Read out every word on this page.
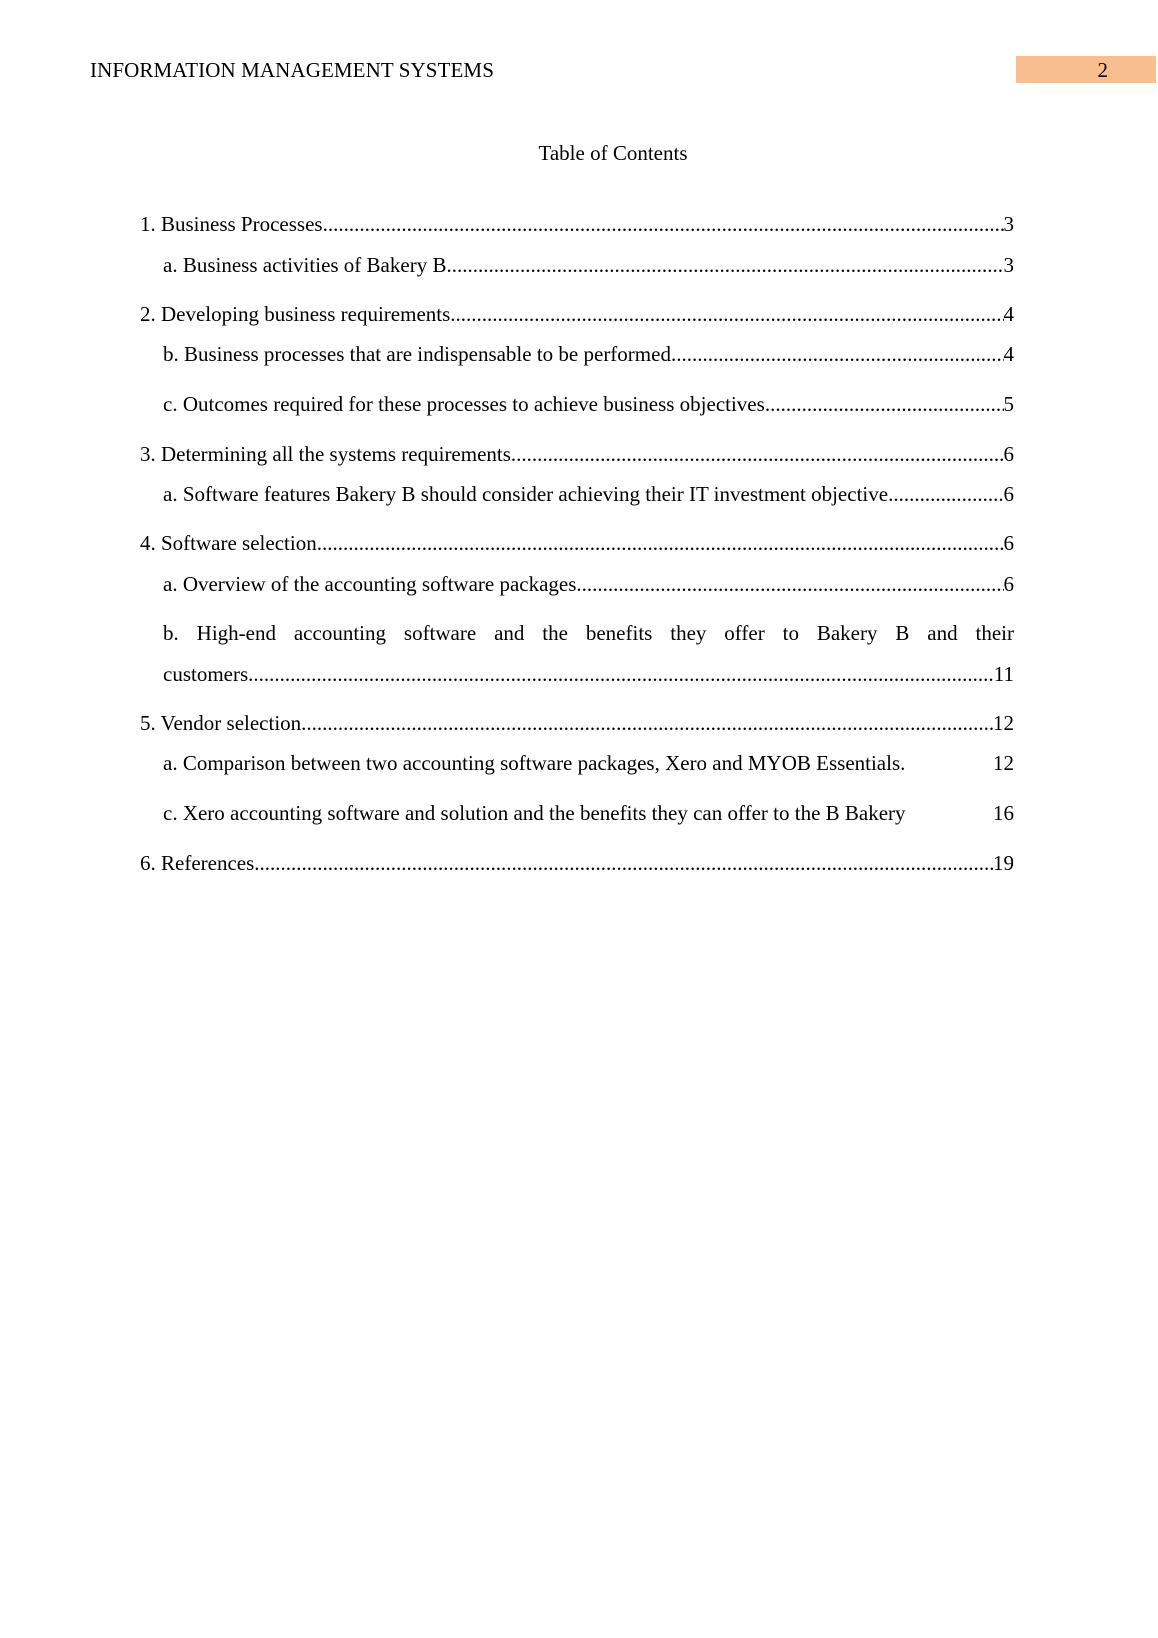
INFORMATION MANAGEMENT SYSTEMS	2
Table of Contents
1. Business Processes .....	3
a. Business activities of Bakery B .....	3
2. Developing business requirements .....	4
b. Business processes that are indispensable to be performed .....	4
c. Outcomes required for these processes to achieve business objectives .....	5
3. Determining all the systems requirements .....	6
a. Software features Bakery B should consider achieving their IT investment objective .....	6
4. Software selection .....	6
a. Overview of the accounting software packages .....	6
b. High-end accounting software and the benefits they offer to Bakery B and their
customers .....	11
5. Vendor selection .....	12
a. Comparison between two accounting software packages, Xero and MYOB Essentials.	12
c. Xero accounting software and solution and the benefits they can offer to the B Bakery	16
6. References .....	19
